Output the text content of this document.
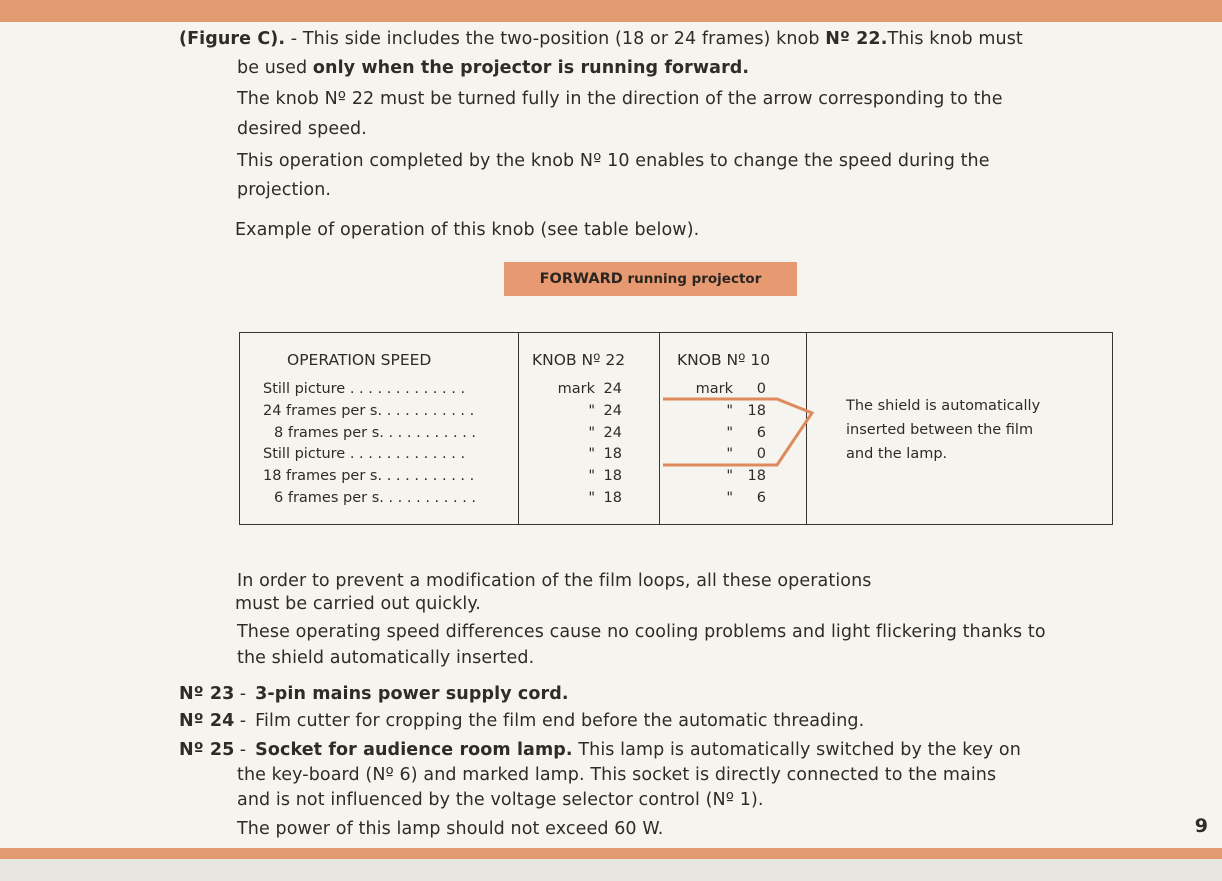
(Figure C). - This side includes the two-position (18 or 24 frames) knob Nº 22.This knob must
be used only when the projector is running forward.
The knob Nº 22 must be turned fully in the direction of the arrow corresponding to the
desired speed.
This operation completed by the knob Nº 10 enables to change the speed during the
projection.
Example of operation of this knob (see table below).
FORWARD running projector
OPERATION SPEED	KNOB Nº 22	KNOB Nº 10
Still picture . . . . . . . . . . . . .	mark 24	mark	0
24 frames per s. . . . . . . . . . .	" 24	"	18
8 frames per s. . . . . . . . . . .	" 24	"	6
Still picture . . . . . . . . . . . . .	" 18	"	0
18 frames per s. . . . . . . . . . .	" 18	"	18
6 frames per s. . . . . . . . . . .	" 18	"	6
The shield is automatically
inserted between the film
and the lamp.
In order to prevent a modification of the film loops, all these operations
must be carried out quickly.
These operating speed differences cause no cooling problems and light flickering thanks to
the shield automatically inserted.
Nº 23 - 3-pin mains power supply cord.
Nº 24 - Film cutter for cropping the film end before the automatic threading.
Nº 25 - Socket for audience room lamp. This lamp is automatically switched by the key on
the key-board (Nº 6) and marked lamp. This socket is directly connected to the mains
and is not influenced by the voltage selector control (Nº 1).
The power of this lamp should not exceed 60 W.	9
